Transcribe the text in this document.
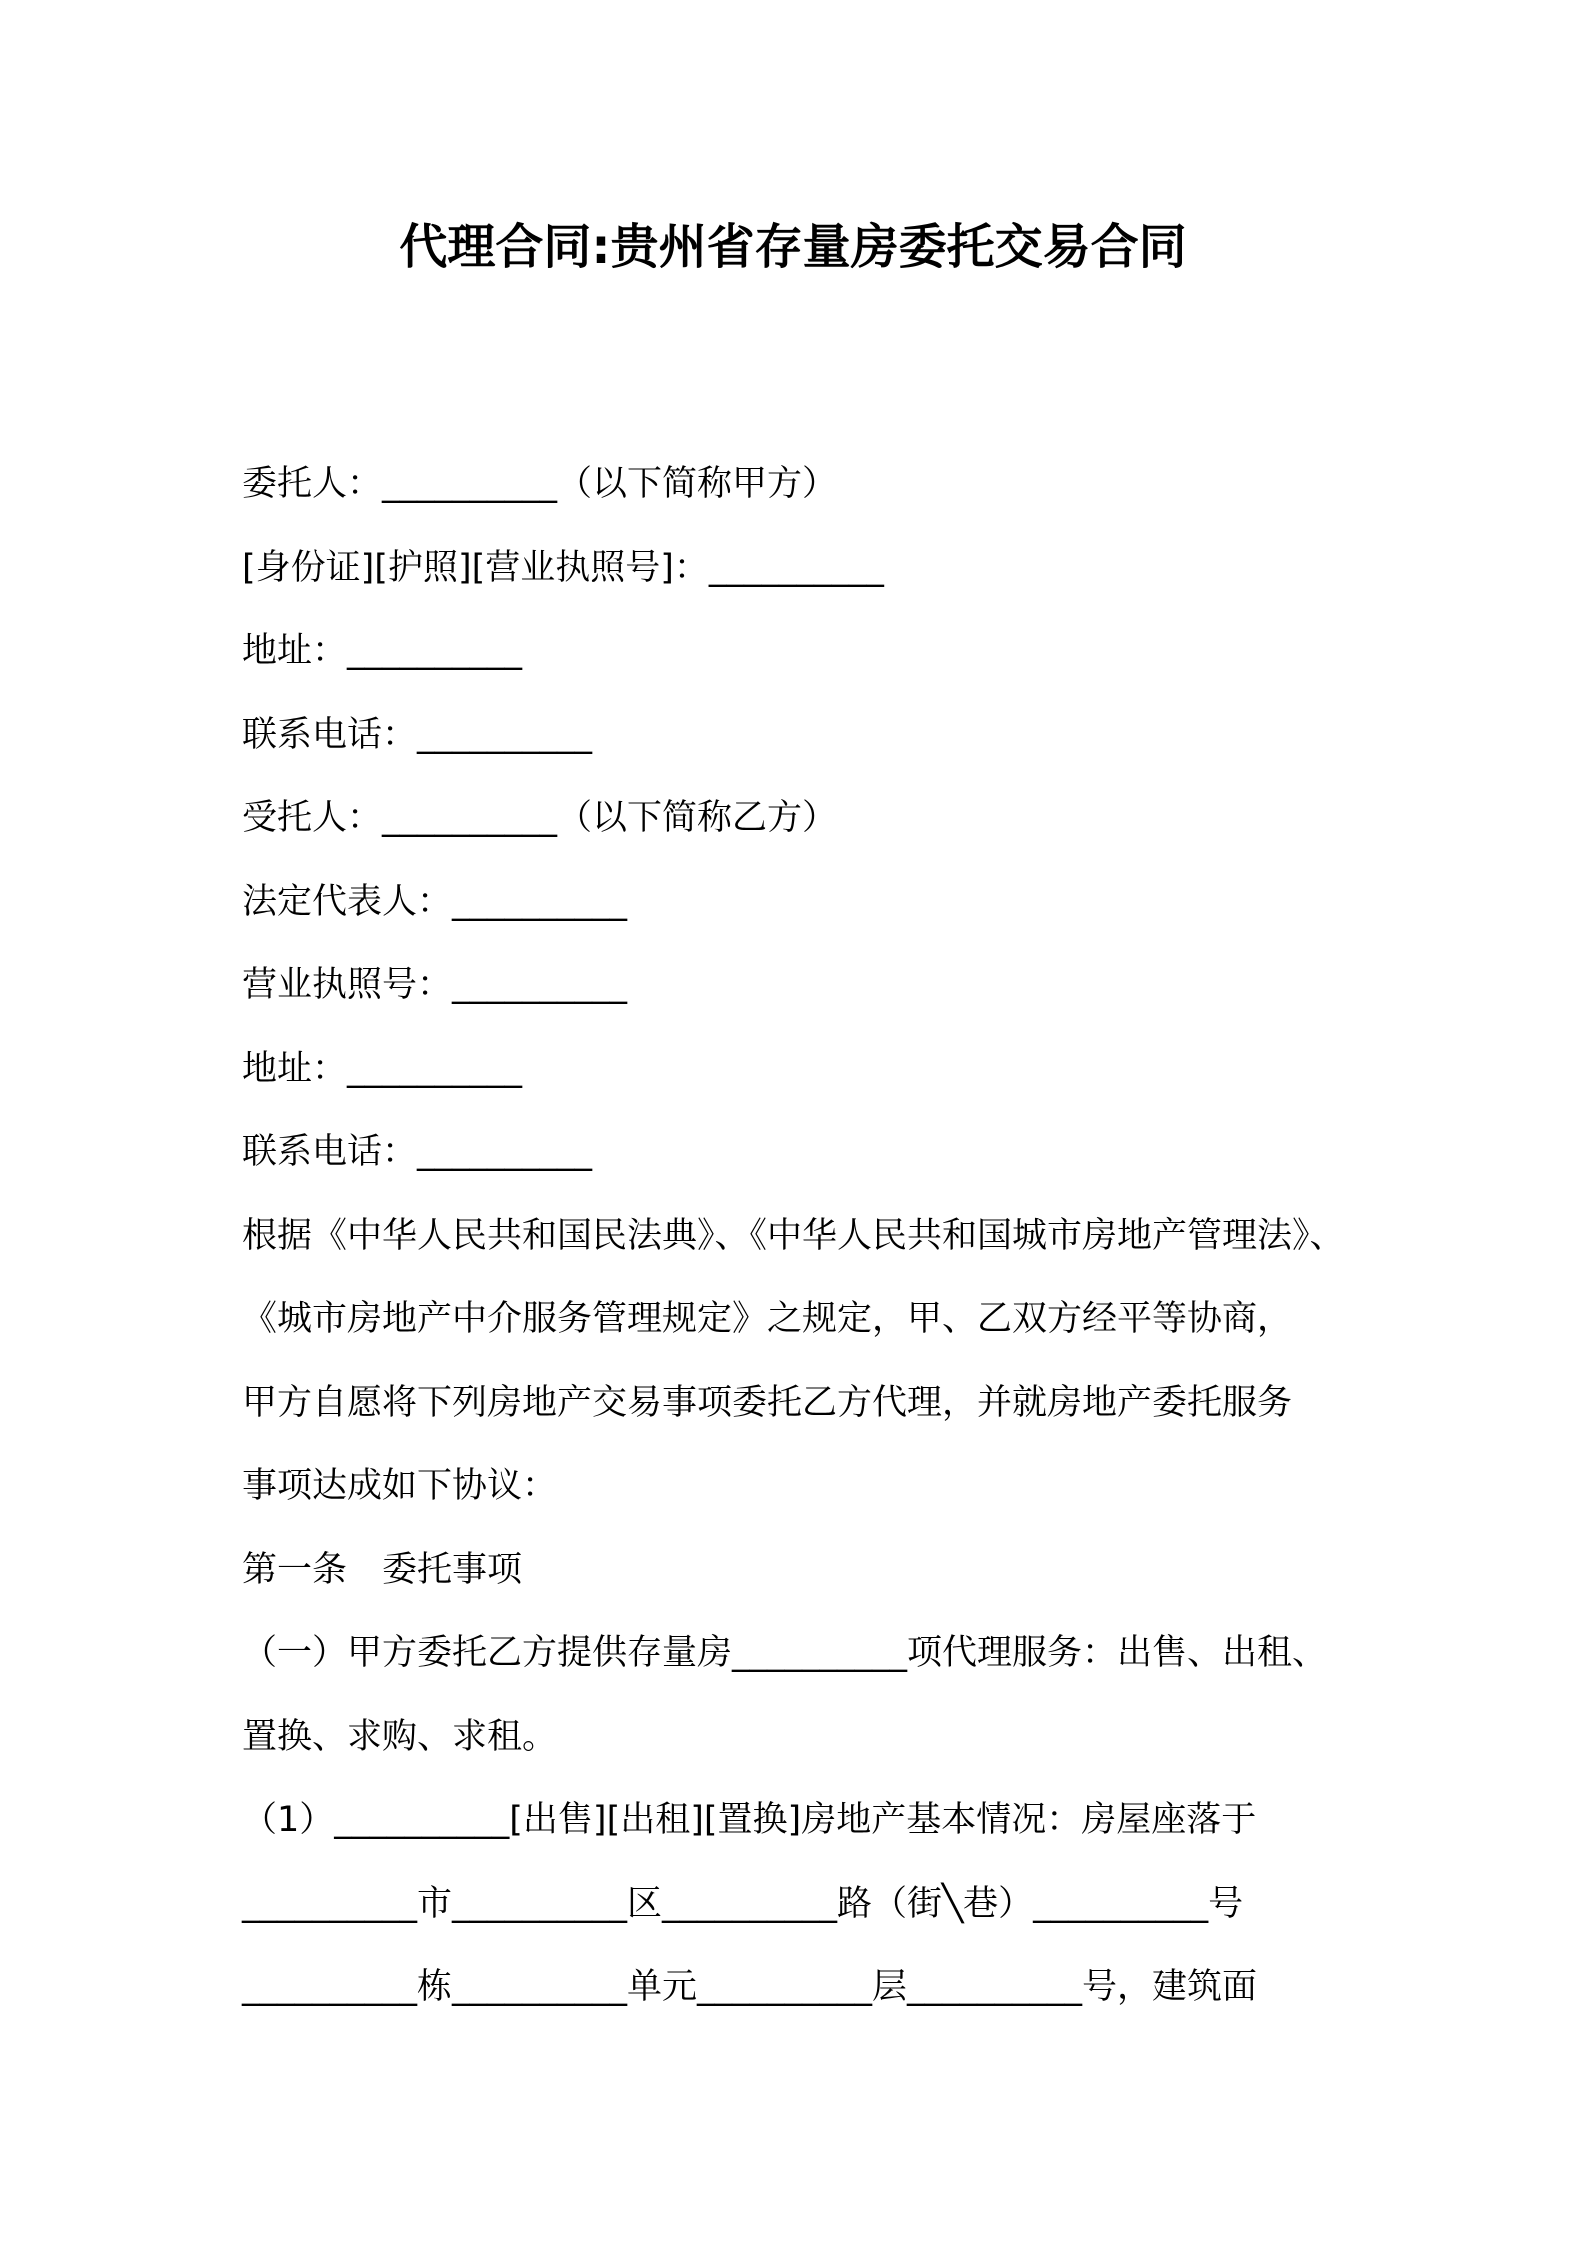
代理合同:贵州省存量房委托交易合同
委托人：__________（以下简称甲方）
[身份证][护照][营业执照号]：__________
地址：__________
联系电话：__________
受托人：__________（以下简称乙方）
法定代表人：__________
营业执照号：__________
地址：__________
联系电话：__________
根据《中华人民共和国民法典》、《中华人民共和国城市房地产管理法》、
《城市房地产中介服务管理规定》之规定，甲、乙双方经平等协商，
甲方自愿将下列房地产交易事项委托乙方代理，并就房地产委托服务
事项达成如下协议：
第一条　委托事项
（一）甲方委托乙方提供存量房__________项代理服务：出售、出租、
置换、求购、求租。
（1）__________[出售][出租][置换]房地产基本情况：房屋座落于
__________市__________区__________路（街╲巷）__________号
__________栋__________单元__________层__________号，建筑面
